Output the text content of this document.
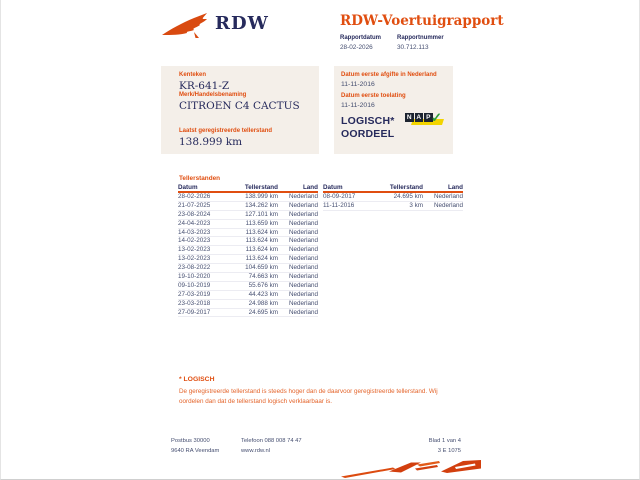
RDW	RDW-Voertuigrapport
Rapportdatum
28-02-2026
Rapportnummer
30.712.113
Kenteken
KR-641-Z
Merk/Handelsbenaming
CITROEN C4 CACTUS
Laatst geregistreerde tellerstand
138.999 km
Datum eerste afgifte in Nederland
11-11-2016
Datum eerste toelating
11-11-2016
LOGISCH*
OORDEEL
N A P ✓
Tellerstanden
Datum	Tellerstand	Land
28-02-2026	138.999 km	Nederland
21-07-2025	134.262 km	Nederland
23-08-2024	127.101 km	Nederland
24-04-2023	113.659 km	Nederland
14-03-2023	113.624 km	Nederland
14-02-2023	113.624 km	Nederland
13-02-2023	113.624 km	Nederland
13-02-2023	113.624 km	Nederland
23-08-2022	104.659 km	Nederland
19-10-2020	74.663 km	Nederland
09-10-2019	55.676 km	Nederland
27-03-2019	44.423 km	Nederland
23-03-2018	24.988 km	Nederland
27-09-2017	24.695 km	Nederland
Datum	Tellerstand	Land
08-09-2017	24.695 km	Nederland
11-11-2016	3 km	Nederland
* LOGISCH

De geregistreerde tellerstand is steeds hoger dan de daarvoor geregistreerde tellerstand. Wij oordelen dan dat de tellerstand logisch verklaarbaar is.

Postbus 30000
9640 RA Veendam
Telefoon 088 008 74 47
www.rdw.nl
Blad 1 van 4
3 E 1075
